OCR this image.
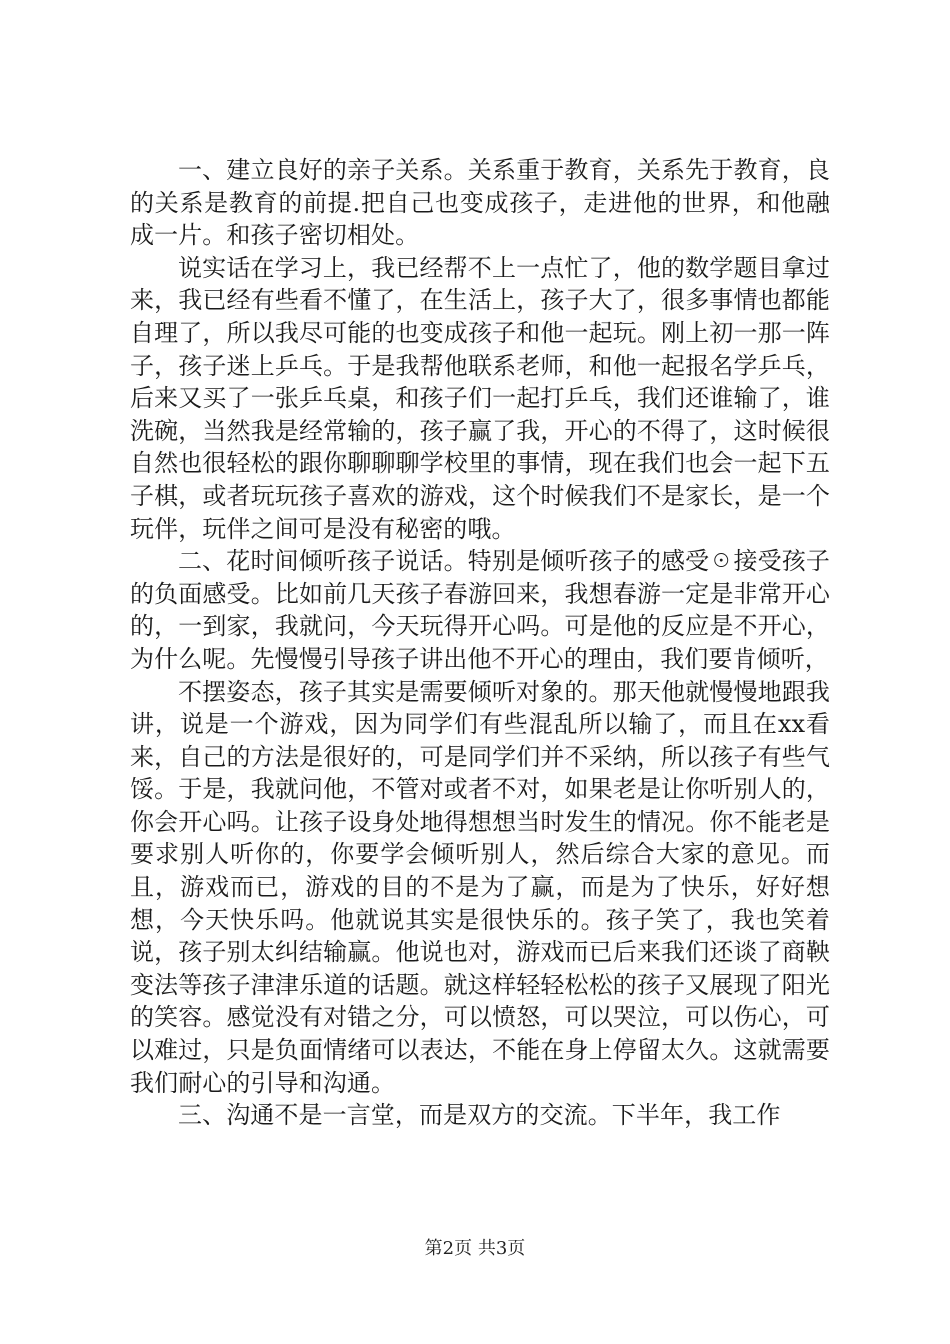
一、建立良好的亲子关系。关系重于教育，关系先于教育，良的关系是教育的前提.把自己也变成孩子，走进他的世界，和他融成一片。和孩子密切相处。

说实话在学习上，我已经帮不上一点忙了，他的数学题目拿过来，我已经有些看不懂了，在生活上，孩子大了，很多事情也都能自理了，所以我尽可能的也变成孩子和他一起玩。刚上初一那一阵子，孩子迷上乒乓。于是我帮他联系老师，和他一起报名学乒乓，后来又买了一张乒乓桌，和孩子们一起打乒乓，我们还谁输了，谁洗碗，当然我是经常输的，孩子赢了我，开心的不得了，这时候很自然也很轻松的跟你聊聊聊学校里的事情，现在我们也会一起下五子棋，或者玩玩孩子喜欢的游戏，这个时候我们不是家长，是一个玩伴，玩伴之间可是没有秘密的哦。

二、花时间倾听孩子说话。特别是倾听孩子的感受☉接受孩子的负面感受。比如前几天孩子春游回来，我想春游一定是非常开心的，一到家，我就问，今天玩得开心吗。可是他的反应是不开心，为什么呢。先慢慢引导孩子讲出他不开心的理由，我们要肯倾听，

不摆姿态，孩子其实是需要倾听对象的。那天他就慢慢地跟我讲，说是一个游戏，因为同学们有些混乱所以输了，而且在xx看来，自己的方法是很好的，可是同学们并不采纳，所以孩子有些气馁。于是，我就问他，不管对或者不对，如果老是让你听别人的，你会开心吗。让孩子设身处地得想想当时发生的情况。你不能老是要求别人听你的，你要学会倾听别人，然后综合大家的意见。而且，游戏而已，游戏的目的不是为了赢，而是为了快乐，好好想想，今天快乐吗。他就说其实是很快乐的。孩子笑了，我也笑着说，孩子别太纠结输赢。他说也对，游戏而已后来我们还谈了商鞅变法等孩子津津乐道的话题。就这样轻轻松松的孩子又展现了阳光的笑容。感觉没有对错之分，可以愤怒，可以哭泣，可以伤心，可以难过，只是负面情绪可以表达，不能在身上停留太久。这就需要我们耐心的引导和沟通。

三、沟通不是一言堂，而是双方的交流。下半年，我工作

第2页 共3页
